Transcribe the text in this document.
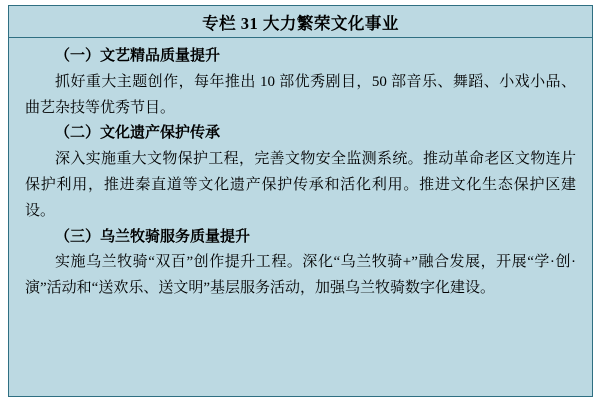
专栏 31 大力繁荣文化事业

（一）文艺精品质量提升

抓好重大主题创作，每年推出 10 部优秀剧目，50 部音乐、舞蹈、小戏小品、曲艺杂技等优秀节目。

（二）文化遗产保护传承

深入实施重大文物保护工程，完善文物安全监测系统。推动革命老区文物连片保护利用，推进秦直道等文化遗产保护传承和活化利用。推进文化生态保护区建设。

（三）乌兰牧骑服务质量提升

实施乌兰牧骑“双百”创作提升工程。深化“乌兰牧骑+”融合发展，开展“学·创·演”活动和“送欢乐、送文明”基层服务活动，加强乌兰牧骑数字化建设。
